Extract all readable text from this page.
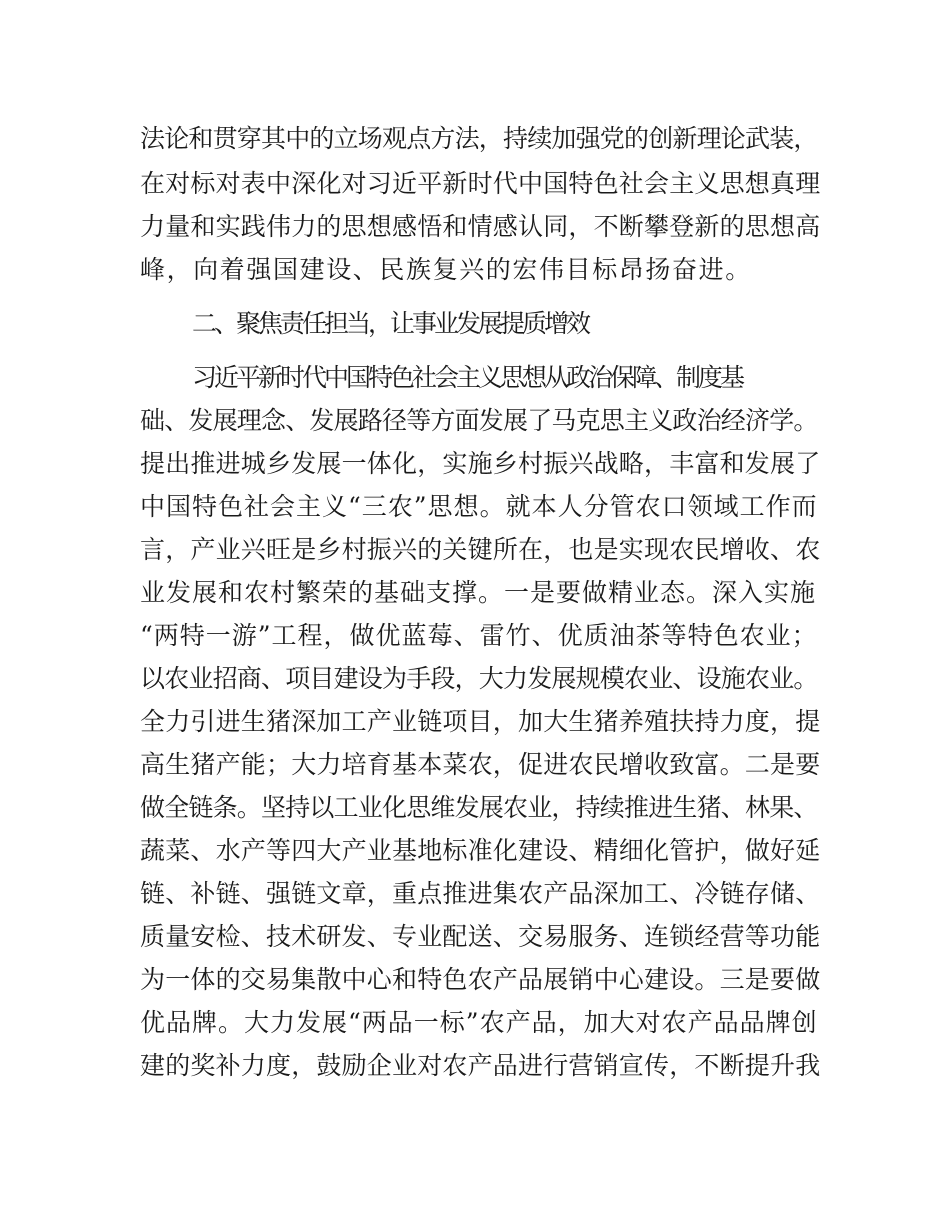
法论和贯穿其中的立场观点方法，持续加强党的创新理论武装，
在对标对表中深化对习近平新时代中国特色社会主义思想真理
力量和实践伟力的思想感悟和情感认同，不断攀登新的思想高
峰，向着强国建设、民族复兴的宏伟目标昂扬奋进。
二、聚焦责任担当，让事业发展提质增效
习近平新时代中国特色社会主义思想从政治保障、制度基
础、发展理念、发展路径等方面发展了马克思主义政治经济学。
提出推进城乡发展一体化，实施乡村振兴战略，丰富和发展了
中国特色社会主义“三农”思想。就本人分管农口领域工作而
言，产业兴旺是乡村振兴的关键所在，也是实现农民增收、农
业发展和农村繁荣的基础支撑。一是要做精业态。深入实施
“两特一游”工程，做优蓝莓、雷竹、优质油茶等特色农业；
以农业招商、项目建设为手段，大力发展规模农业、设施农业。
全力引进生猪深加工产业链项目，加大生猪养殖扶持力度，提
高生猪产能；大力培育基本菜农，促进农民增收致富。二是要
做全链条。坚持以工业化思维发展农业，持续推进生猪、林果、
蔬菜、水产等四大产业基地标准化建设、精细化管护，做好延
链、补链、强链文章，重点推进集农产品深加工、冷链存储、
质量安检、技术研发、专业配送、交易服务、连锁经营等功能
为一体的交易集散中心和特色农产品展销中心建设。三是要做
优品牌。大力发展“两品一标”农产品，加大对农产品品牌创
建的奖补力度，鼓励企业对农产品进行营销宣传，不断提升我
